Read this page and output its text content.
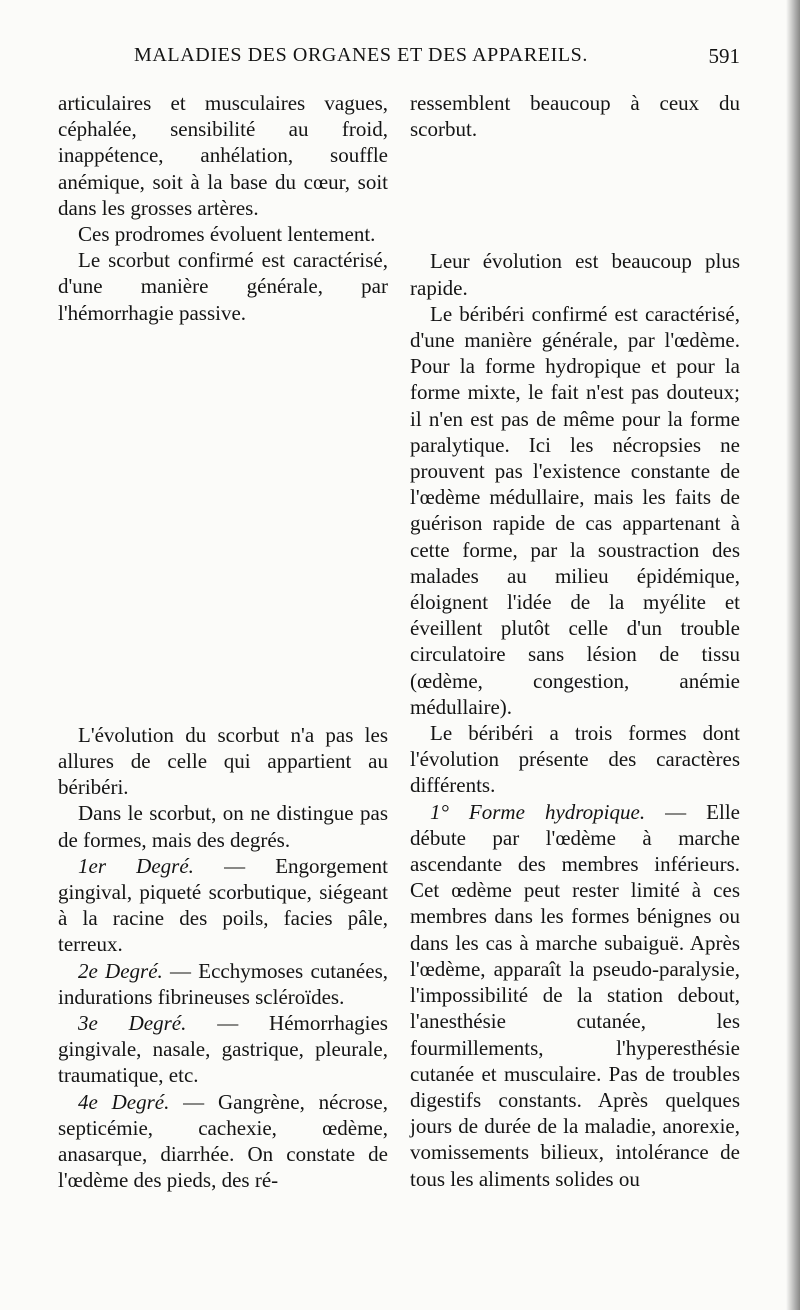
MALADIES DES ORGANES ET DES APPAREILS.	591

articulaires et musculaires vagues, céphalée, sensibilité au froid, inappétence, anhélation, souffle anémique, soit à la base du cœur, soit dans les grosses artères.

Ces prodromes évoluent lentement.

Le scorbut confirmé est caractérisé, d'une manière générale, par l'hémorrhagie passive.

L'évolution du scorbut n'a pas les allures de celle qui appartient au béribéri.

Dans le scorbut, on ne distingue pas de formes, mais des degrés.

1er Degré. — Engorgement gingival, piqueté scorbutique, siégeant à la racine des poils, facies pâle, terreux.

2e Degré. — Ecchymoses cutanées, indurations fibrineuses scléroïdes.

3e Degré. — Hémorrhagies gingivale, nasale, gastrique, pleurale, traumatique, etc.

4e Degré. — Gangrène, nécrose, septicémie, cachexie, œdème, anasarque, diarrhée. On constate de l'œdème des pieds, des ré-

ressemblent beaucoup à ceux du scorbut.

Leur évolution est beaucoup plus rapide.

Le béribéri confirmé est caractérisé, d'une manière générale, par l'œdème. Pour la forme hydropique et pour la forme mixte, le fait n'est pas douteux; il n'en est pas de même pour la forme paralytique. Ici les nécropsies ne prouvent pas l'existence constante de l'œdème médullaire, mais les faits de guérison rapide de cas appartenant à cette forme, par la soustraction des malades au milieu épidémique, éloignent l'idée de la myélite et éveillent plutôt celle d'un trouble circulatoire sans lésion de tissu (œdème, congestion, anémie médullaire).

Le béribéri a trois formes dont l'évolution présente des caractères différents.

1° Forme hydropique. — Elle débute par l'œdème à marche ascendante des membres inférieurs. Cet œdème peut rester limité à ces membres dans les formes bénignes ou dans les cas à marche subaiguë. Après l'œdème, apparaît la pseudo-paralysie, l'impossibilité de la station debout, l'anesthésie cutanée, les fourmillements, l'hyperesthésie cutanée et musculaire. Pas de troubles digestifs constants. Après quelques jours de durée de la maladie, anorexie, vomissements bilieux, intolérance de tous les aliments solides ou
